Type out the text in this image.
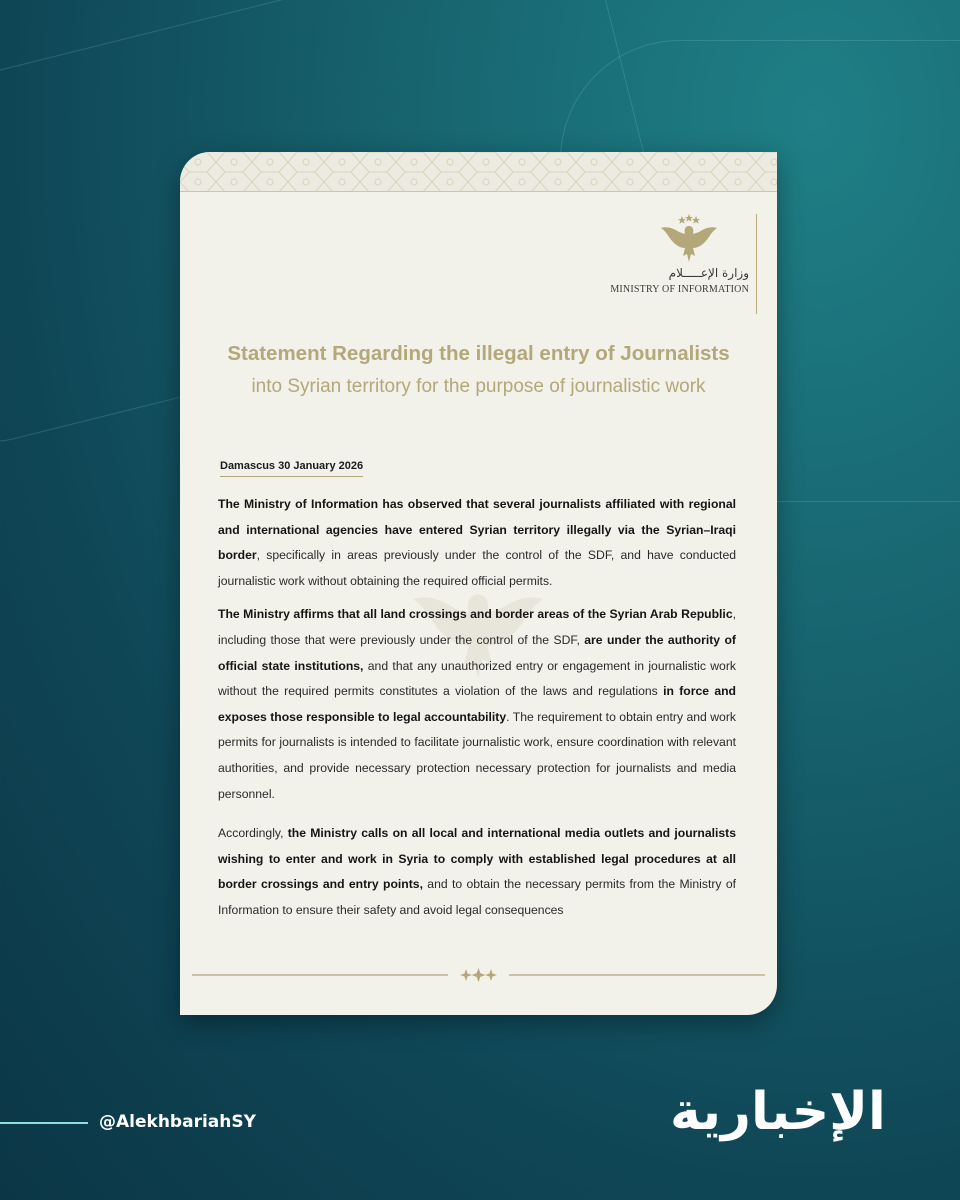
وزارة الإعـــــلام
MINISTRY OF INFORMATION
Statement Regarding the illegal entry of Journalists
into Syrian territory for the purpose of journalistic work
Damascus 30 January 2026

The Ministry of Information has observed that several journalists affiliated with regional and international agencies have entered Syrian territory illegally via the Syrian–Iraqi border, specifically in areas previously under the control of the SDF, and have conducted journalistic work without obtaining the required official permits.

The Ministry affirms that all land crossings and border areas of the Syrian Arab Republic, including those that were previously under the control of the SDF, are under the authority of official state institutions, and that any unauthorized entry or engagement in journalistic work without the required permits constitutes a violation of the laws and regulations in force and exposes those responsible to legal accountability. The requirement to obtain entry and work permits for journalists is intended to facilitate journalistic work, ensure coordination with relevant authorities, and provide necessary protection necessary protection for journalists and media personnel.

Accordingly, the Ministry calls on all local and international media outlets and journalists wishing to enter and work in Syria to comply with established legal procedures at all border crossings and entry points, and to obtain the necessary permits from the Ministry of Information to ensure their safety and avoid legal consequences

@AlekhbariahSY	الإخبارية
